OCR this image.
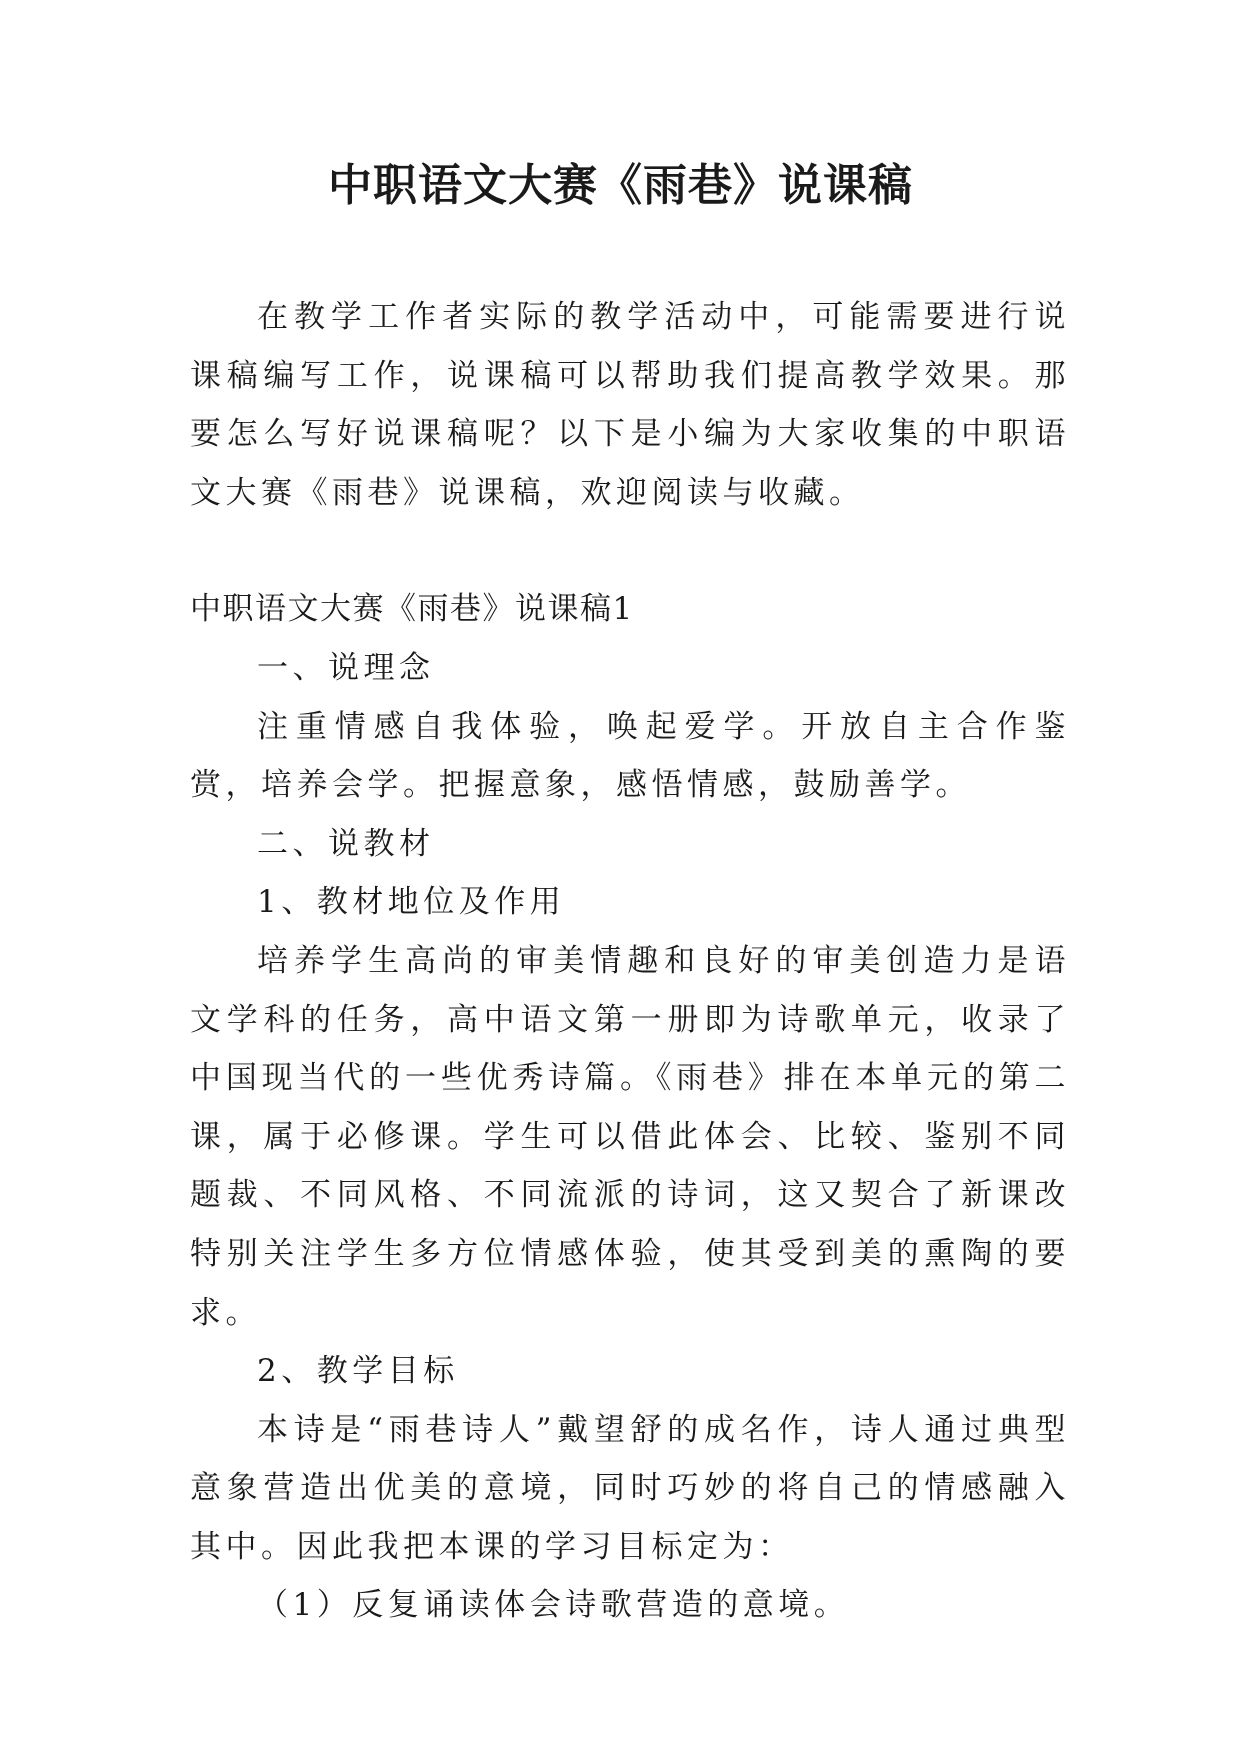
中职语文大赛《雨巷》说课稿

在教学工作者实际的教学活动中，可能需要进行说课稿编写工作，说课稿可以帮助我们提高教学效果。那要怎么写好说课稿呢？以下是小编为大家收集的中职语文大赛《雨巷》说课稿，欢迎阅读与收藏。

中职语文大赛《雨巷》说课稿1

一、说理念

注重情感自我体验，唤起爱学。开放自主合作鉴赏，培养会学。把握意象，感悟情感，鼓励善学。

二、说教材

1、教材地位及作用

培养学生高尚的审美情趣和良好的审美创造力是语文学科的任务，高中语文第一册即为诗歌单元，收录了中国现当代的一些优秀诗篇。《雨巷》排在本单元的第二课，属于必修课。学生可以借此体会、比较、鉴别不同题裁、不同风格、不同流派的诗词，这又契合了新课改特别关注学生多方位情感体验，使其受到美的熏陶的要求。

2、教学目标

本诗是“雨巷诗人”戴望舒的成名作，诗人通过典型意象营造出优美的意境，同时巧妙的将自己的情感融入其中。因此我把本课的学习目标定为：

（1）反复诵读体会诗歌营造的意境。
